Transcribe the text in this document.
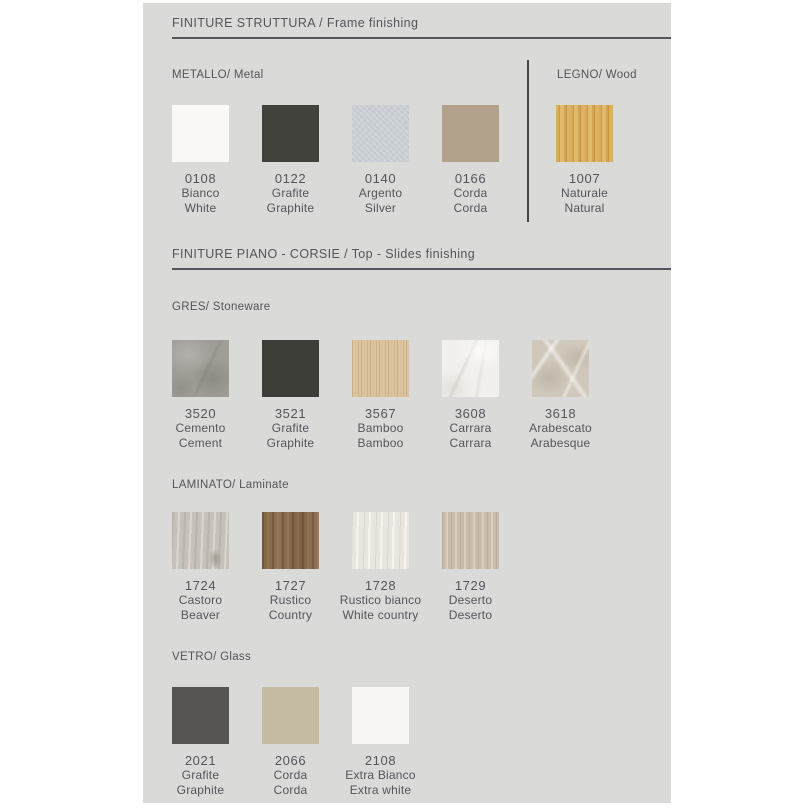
FINITURE STRUTTURA / Frame finishing
METALLO/ Metal
0108
Bianco
White
0122
Grafite
Graphite
0140
Argento
Silver
0166
Corda
Corda
LEGNO/ Wood
1007
Naturale
Natural
FINITURE PIANO - CORSIE / Top - Slides finishing
GRES/ Stoneware
3520
Cemento
Cement
3521
Grafite
Graphite
3567
Bamboo
Bamboo
3608
Carrara
Carrara
3618
Arabescato
Arabesque
LAMINATO/ Laminate
1724
Castoro
Beaver
1727
Rustico
Country
1728
Rustico bianco
White country
1729
Deserto
Deserto
VETRO/ Glass
2021
Grafite
Graphite
2066
Corda
Corda
2108
Extra Bianco
Extra white
